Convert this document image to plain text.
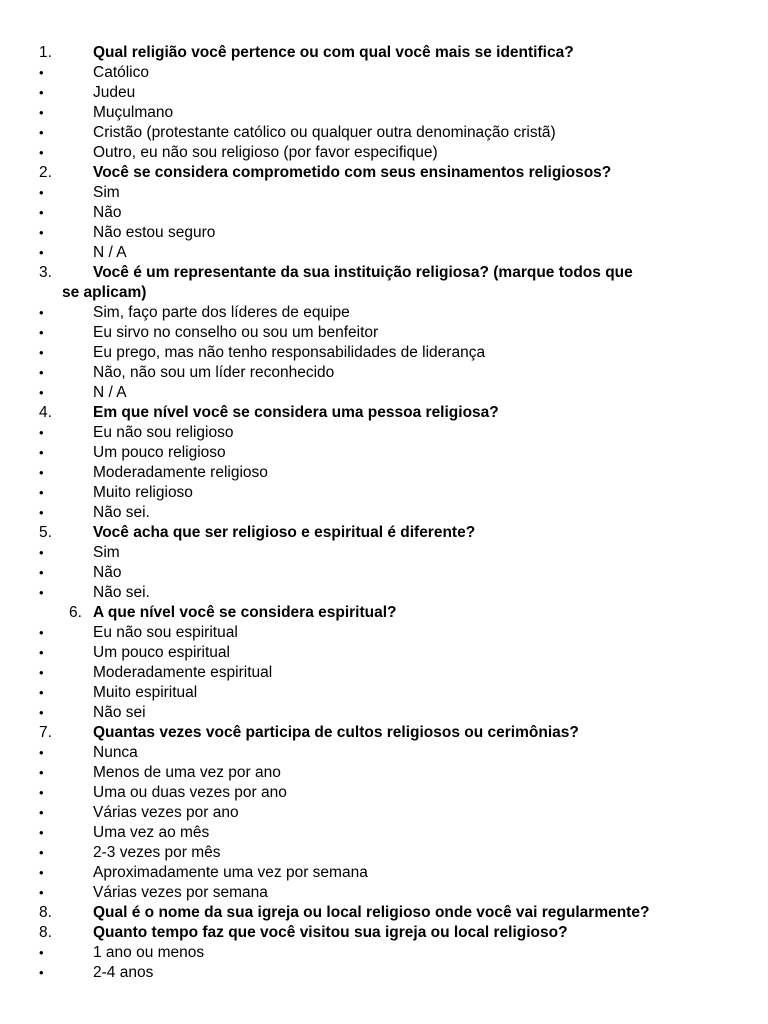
1.	Qual religião você pertence ou com qual você mais se identifica?
•	Católico
•	Judeu
•	Muçulmano
•	Cristão (protestante católico ou qualquer outra denominação cristã)
•	Outro, eu não sou religioso (por favor especifique)
2.	Você se considera comprometido com seus ensinamentos religiosos?
•	Sim
•	Não
•	Não estou seguro
•	N / A
3.	Você é um representante da sua instituição religiosa? (marque todos que
se aplicam)
•	Sim, faço parte dos líderes de equipe
•	Eu sirvo no conselho ou sou um benfeitor
•	Eu prego, mas não tenho responsabilidades de liderança
•	Não, não sou um líder reconhecido
•	N / A
4.	Em que nível você se considera uma pessoa religiosa?
•	Eu não sou religioso
•	Um pouco religioso
•	Moderadamente religioso
•	Muito religioso
•	Não sei.
5.	Você acha que ser religioso e espiritual é diferente?
•	Sim
•	Não
•	Não sei.
6. A que nível você se considera espiritual?
•	Eu não sou espiritual
•	Um pouco espiritual
•	Moderadamente espiritual
•	Muito espiritual
•	Não sei
7.	Quantas vezes você participa de cultos religiosos ou cerimônias?
•	Nunca
•	Menos de uma vez por ano
•	Uma ou duas vezes por ano
•	Várias vezes por ano
•	Uma vez ao mês
•	2-3 vezes por mês
•	Aproximadamente uma vez por semana
•	Várias vezes por semana
8.	Qual é o nome da sua igreja ou local religioso onde você vai regularmente?
8.	Quanto tempo faz que você visitou sua igreja ou local religioso?
•	1 ano ou menos
•	2-4 anos
